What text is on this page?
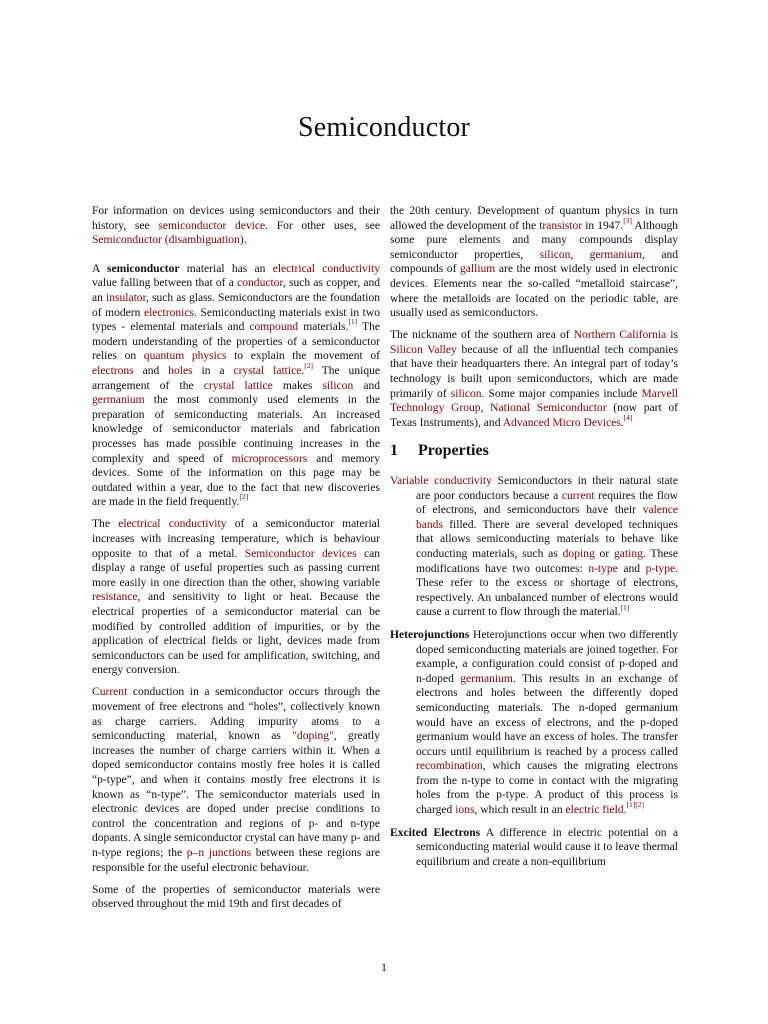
Semiconductor

For information on devices using semiconductors and their history, see semiconductor device. For other uses, see Semiconductor (disambiguation).

A semiconductor material has an electrical conductivity value falling between that of a conductor, such as copper, and an insulator, such as glass. Semiconductors are the foundation of modern electronics. Semiconducting materials exist in two types - elemental materials and compound materials.[1] The modern understanding of the properties of a semiconductor relies on quantum physics to explain the movement of electrons and holes in a crystal lattice.[2] The unique arrangement of the crystal lattice makes silicon and germanium the most commonly used elements in the preparation of semiconducting materials. An increased knowledge of semiconductor materials and fabrication processes has made possible continuing increases in the complexity and speed of microprocessors and memory devices. Some of the information on this page may be outdated within a year, due to the fact that new discoveries are made in the field frequently.[2]

The electrical conductivity of a semiconductor material increases with increasing temperature, which is behaviour opposite to that of a metal. Semiconductor devices can display a range of useful properties such as passing current more easily in one direction than the other, showing variable resistance, and sensitivity to light or heat. Because the electrical properties of a semiconductor material can be modified by controlled addition of impurities, or by the application of electrical fields or light, devices made from semiconductors can be used for amplification, switching, and energy conversion.

Current conduction in a semiconductor occurs through the movement of free electrons and “holes”, collectively known as charge carriers. Adding impurity atoms to a semiconducting material, known as "doping", greatly increases the number of charge carriers within it. When a doped semiconductor contains mostly free holes it is called “p-type”, and when it contains mostly free electrons it is known as “n-type”. The semiconductor materials used in electronic devices are doped under precise conditions to control the concentration and regions of p- and n-type dopants. A single semiconductor crystal can have many p- and n-type regions; the p–n junctions between these regions are responsible for the useful electronic behaviour.

Some of the properties of semiconductor materials were observed throughout the mid 19th and first decades of

the 20th century. Development of quantum physics in turn allowed the development of the transistor in 1947.[3] Although some pure elements and many compounds display semiconductor properties, silicon, germanium, and compounds of gallium are the most widely used in electronic devices. Elements near the so-called “metalloid staircase”, where the metalloids are located on the periodic table, are usually used as semiconductors.

The nickname of the southern area of Northern California is Silicon Valley because of all the influential tech companies that have their headquarters there. An integral part of today’s technology is built upon semiconductors, which are made primarily of silicon. Some major companies include Marvell Technology Group, National Semiconductor (now part of Texas Instruments), and Advanced Micro Devices.[4]

1 Properties

Variable conductivity Semiconductors in their natural state are poor conductors because a current requires the flow of electrons, and semiconductors have their valence bands filled. There are several developed techniques that allows semiconducting materials to behave like conducting materials, such as doping or gating. These modifications have two outcomes: n-type and p-type. These refer to the excess or shortage of electrons, respectively. An unbalanced number of electrons would cause a current to flow through the material.[1]

Heterojunctions Heterojunctions occur when two differently doped semiconducting materials are joined together. For example, a configuration could consist of p-doped and n-doped germanium. This results in an exchange of electrons and holes between the differently doped semiconducting materials. The n-doped germanium would have an excess of electrons, and the p-doped germanium would have an excess of holes. The transfer occurs until equilibrium is reached by a process called recombination, which causes the migrating electrons from the n-type to come in contact with the migrating holes from the p-type. A product of this process is charged ions, which result in an electric field.[1][2]

Excited Electrons A difference in electric potential on a semiconducting material would cause it to leave thermal equilibrium and create a non-equilibrium

1
